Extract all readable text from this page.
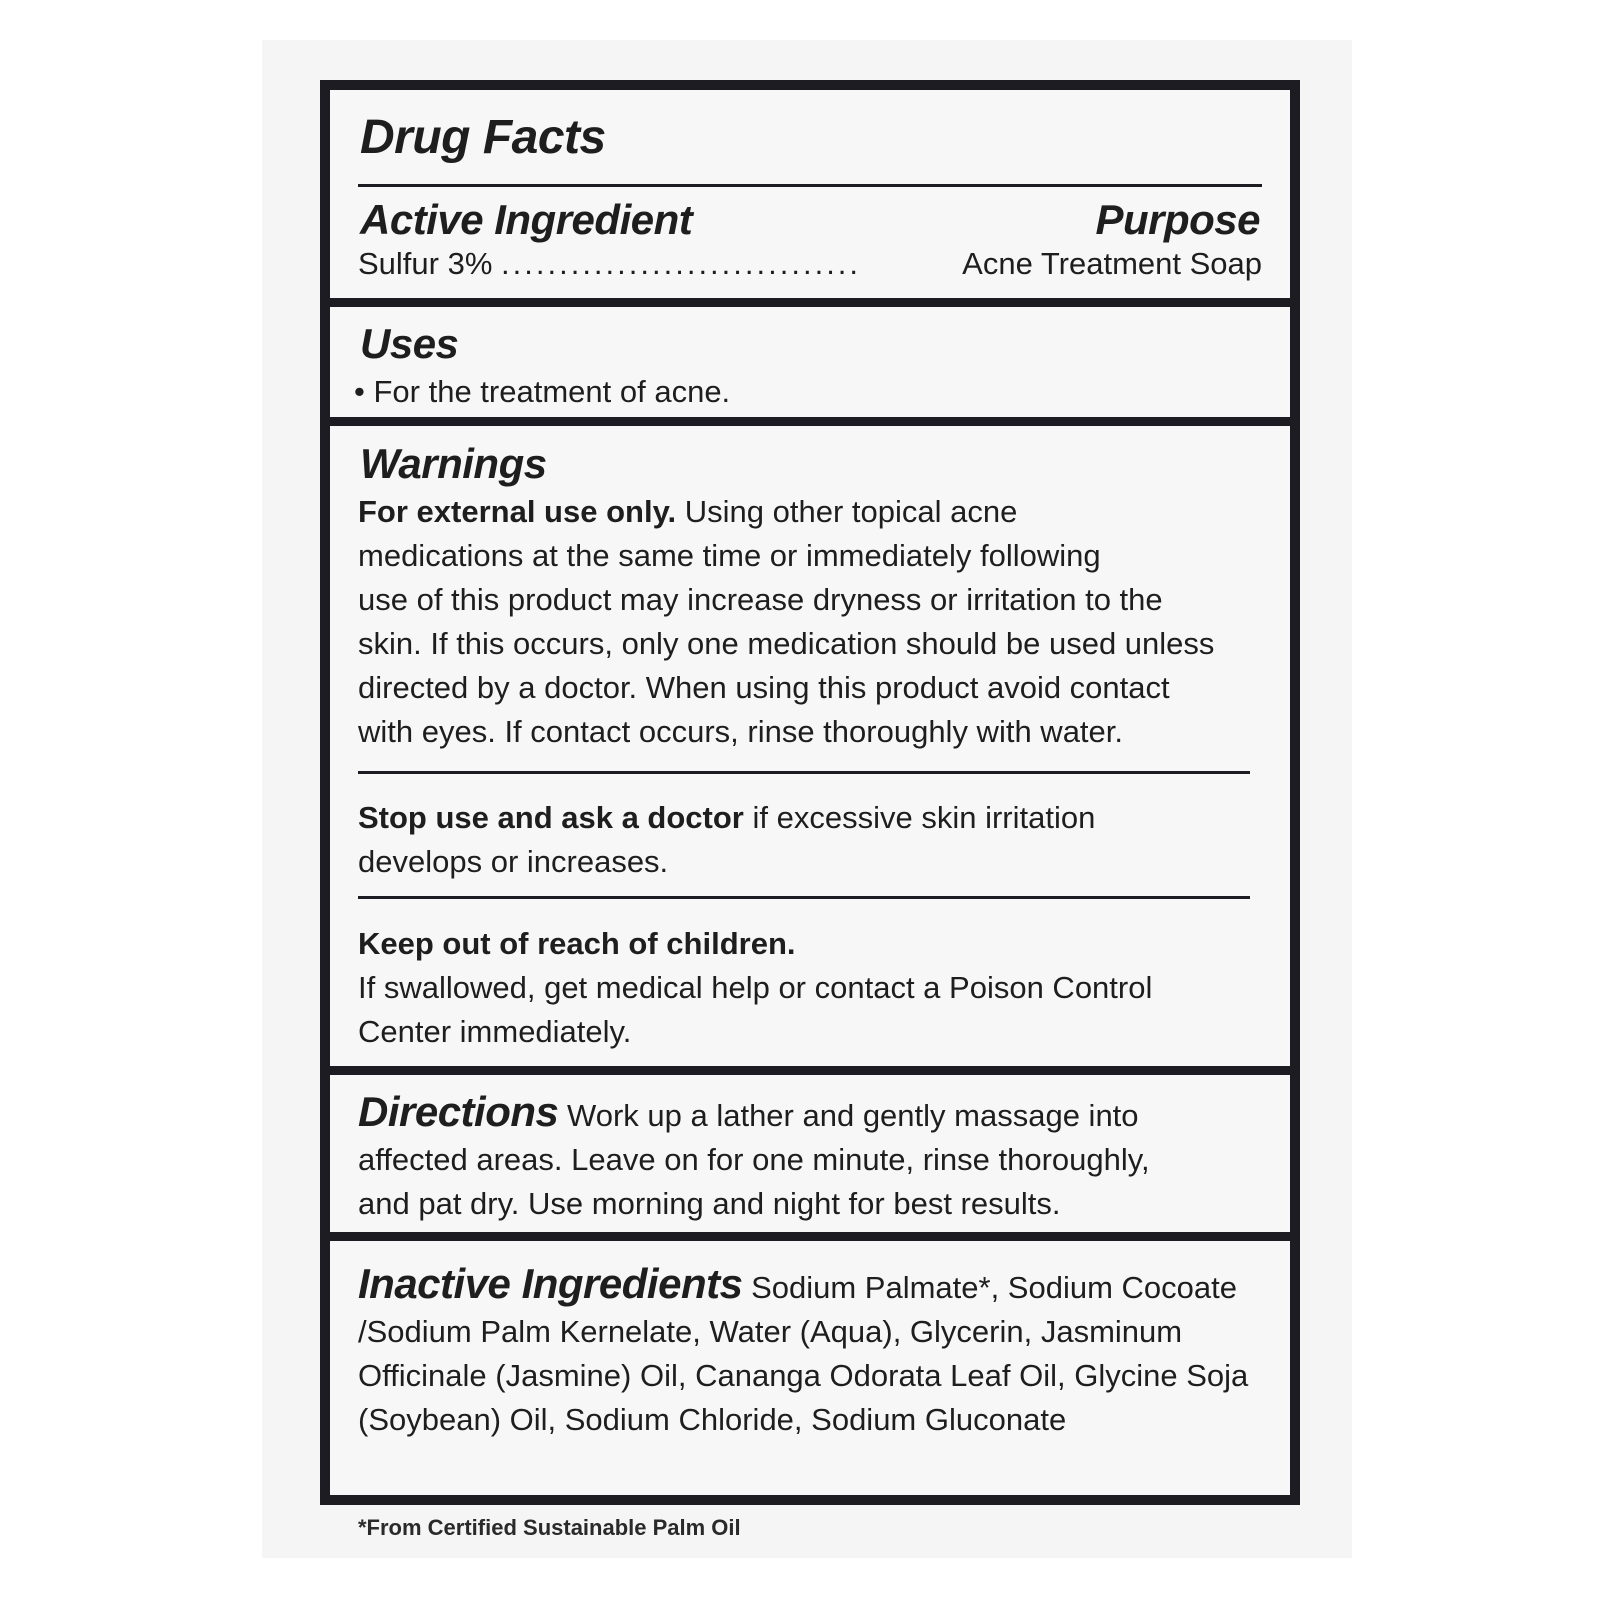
Drug Facts
Active Ingredient	Purpose
Sulfur 3% ...............................	Acne Treatment Soap
Uses
• For the treatment of acne.
Warnings
For external use only. Using other topical acne
medications at the same time or immediately following
use of this product may increase dryness or irritation to the
skin. If this occurs, only one medication should be used unless
directed by a doctor. When using this product avoid contact
with eyes. If contact occurs, rinse thoroughly with water.
Stop use and ask a doctor if excessive skin irritation
develops or increases.
Keep out of reach of children.
If swallowed, get medical help or contact a Poison Control
Center immediately.
Directions Work up a lather and gently massage into
affected areas. Leave on for one minute, rinse thoroughly,
and pat dry. Use morning and night for best results.
Inactive Ingredients Sodium Palmate*, Sodium Cocoate
/Sodium Palm Kernelate, Water (Aqua), Glycerin, Jasminum
Officinale (Jasmine) Oil, Cananga Odorata Leaf Oil, Glycine Soja
(Soybean) Oil, Sodium Chloride, Sodium Gluconate
*From Certified Sustainable Palm Oil
